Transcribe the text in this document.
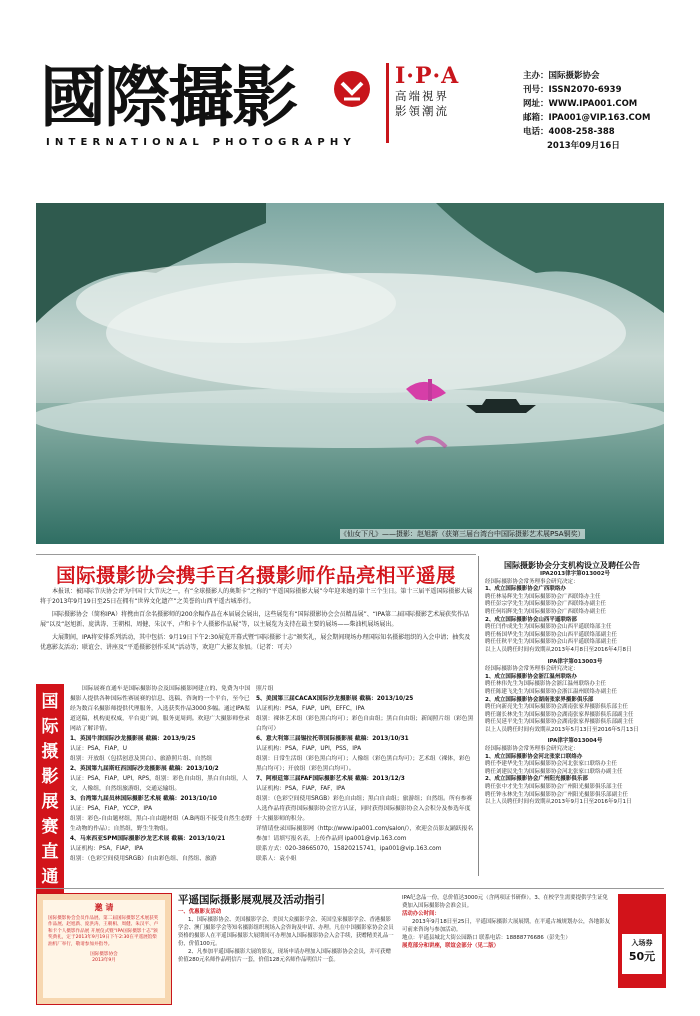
國際攝影
INTERNATIONAL PHOTOGRAPHY
I·P·A
高端視界
影領潮流
主办：国际摄影协会
刊号：ISSN2070-6939
网址：WWW.IPA001.COM
邮箱：IPA001@VIP.163.COM
电话：4008-258-388
2013年09月16日
《仙女下凡》——摄影：赵旭新（获第三届台湾台中国际摄影艺术展PSA铜奖）
国际摄影协会携手百名摄影师作品亮相平遥展

本报讯：被国际节庆协会评为中国十大节庆之一，有“全球摄影人的奥斯卡”之称的“平遥国际摄影大展”今年迎来她的第十三个生日。第十三届平遥国际摄影大展将于2013年9月19日至25日在拥有“世界文化遗产”之美誉的山西平遥古城举行。

国际摄影协会（简称IPA）将携由百余名摄影师的200余幅作品在本届展会展出，这些展览有“国际摄影协会会员精品展”、“IPA第二届国际摄影艺术展获奖作品展”以及“赵旭新、庞洪涛、王朝相、周健、朱汉平、卢和卡个人摄影作品展”等，以主展览为支持在最主要的展场——柴油机展场展出。

大展期间，IPA将安排系列活动，其中包括：9月19日下午2:30展览开幕式暨“国际摄影十志”颁奖礼，展会期间现场办理国际知名摄影组织的入会申请；抽奖及优惠影友活动；联谊会、讲座及“平遥摄影创作采风”活动等，欢迎广大影友参加。（记者：可夫）

国
际
摄
影
展
赛
直
通

国际展赛直通车是国际摄影协会及国际摄影网建立的、免费为中国摄影人提供各种国际性赛展赛的信息、选稿、咨询的一个平台，至今已经为数百名摄影师提供代理服务，入选获奖作品3000多幅。通过IPA渠道送稿，机构更权威，平台更广阔，服务更周到。欢迎广大摄影师登录网站了解详情。

1、英国牛津国际沙龙摄影展 截稿：2013/9/25

认证：PSA，FIAP，U

组别：开放组（包括创意及黑白）、旅游照片组、自然组

2、英国第九届斯旺西国际沙龙摄影展 截稿：2013/10/2

认证：PSA，FIAP，UPI，RPS，组别：彩色自由组，黑白自由组，人文，人像组，自然组旅游组，交通运输组。

3、台湾第九届员林国际摄影艺术展 截稿：2013/10/10

认证：PSA，FIAP，YCCP，IPA

组别：彩色-自由题材组，黑白-自由题材组（A.B两组不接受自然生态野生动物的作品）；自然组，野生生物组。

4、马来西亚SPM国际摄影沙龙艺术展 截稿：2013/10/21

认证机构：PSA，FIAP，IPA

组别：（色彩空间使用SRGB）自由彩色组、自然组、旅游

照片组

5、美国第三届CACAX国际沙龙摄影展 截稿：2013/10/25

认证机构：PSA，FIAP，UPI，EFFC，IPA

组别：裸体艺术组（彩色黑白均可）；彩色自由组；黑白自由组；新闻照片组（彩色黑白均可）

6、意大利第三届锡拉托蒂国际摄影展 截稿：2013/10/31

认证机构：PSA，FIAP，UPI，PSS，IPA

组别：日常生活组（彩色黑白均可）；人像组（彩色黑白均可）；艺术组（裸体，彩色黑白均可）；开放组（彩色黑白均可）。

7、阿根廷第三届FAF国际摄影艺术展 截稿：2013/12/3

认证机构：PSA，FIAP，FAF，IPA

组别：（色彩空间使用SRGB）彩色自由组；黑白自由组；旅游组；自然组。所有参赛人选作品将获得国际摄影协会官方认证，同时获得国际摄影协会入会积分及参选年度十大摄影师的积分。

详情请登录国际摄影网（http://www.ipa001.com/salon/），欢迎会员影友踊跃报名参加！请填写报名表，上传作品到 ipa001@vip.163.com

联系方式：020-38665070，15820215741，ipa001@vip.163.com

联系人：袁小姐

国际摄影协会分支机构设立及聘任公告
IPA2013律字第013002号
经国际摄影协会常务理事会研究决定：
1、成立国际摄影协会广西联络办
聘任林易辉先生为国际摄影协会广西联络办主任
聘任彭宗学先生为国际摄影协会广西联络办副主任
聘任何绍辉先生为国际摄影协会广西联络办副主任
2、成立国际摄影协会山西平遥联络部
聘任闫作成先生为国际摄影协会山西平遥联络部主任
聘任杨国华先生为国际摄影协会山西平遥联络部副主任
聘任任秋平先生为国际摄影协会山西平遥联络部副主任
以上人员聘任时间有效期从2013年4月8日至2016年4月8日
IPA律字第013003号
经国际摄影协会常务理事会研究决定：
1、成立国际摄影协会浙江温州联络办
聘任林伟先生为国际摄影协会浙江温州联络办主任
聘任陈建飞先生为国际摄影协会浙江温州联络办副主任
2、成立国际摄影协会湖南张家界摄影俱乐部
聘任向新亮先生为国际摄影协会湖南张家界摄影俱乐部主任
聘任谢长林先生为国际摄影协会湖南张家界摄影俱乐部副主任
聘任吴延平先生为国际摄影协会湖南张家界摄影俱乐部副主任
以上人员聘任时间有效期从2013年5月13日至2016年5月13日
IPA律字第013004号
经国际摄影协会常务理事会研究决定：
1、成立国际摄影协会河北张家口联络办
聘任李建华先生为国际摄影协会河北张家口联络办主任
聘任刘建民先生为国际摄影协会河北张家口联络办副主任
2、成立国际摄影协会广州阳光摄影俱乐部
聘任张中才先生为国际摄影协会广州阳光摄影俱乐部主任
聘任钟永林先生为国际摄影协会广州阳光摄影俱乐部副主任
以上人员聘任时间有效期从2013年9月1日至2016年9月1日
邀 请
国际摄影协会会员作品展、第二届国际摄影艺术展获奖作品展、赵旭新、庞洪涛、王朝相、周健、朱汉平、卢和卡个人摄影作品展 开展仪式暨“IPA国际摄影十志”颁奖典礼，定于2013年9月19日下午2:30在平遥展馆柴油机厂举行，敬请参加并指导。
国际摄影协会
2013年9月
平遥国际摄影展观展及活动指引

一、优惠影友活动

1、国际摄影协会、美国摄影学会、美国大众摄影学会、英国皇家摄影学会、香港摄影学会、澳门摄影学会等知名摄影组织现场入会咨询及申请、办理。凡在中国摄影家协会会员资格的摄影人在平遥国际摄影大展期间可办理加入国际摄影协会入会手续，获赠精美礼品一份，价值100元。

2、凡参加平遥国际摄影大展的影友，现场申请办理加入国际摄影协会会员，并可获赠价值280元名师作品明信片一套，价值128元名师作品明信片一套。

IPA纪念品一份，总价值达3000元（含两项证书研修）。3、在校学生需要提供学生证免费加入国际摄影协会准会员。

活动办公时间：

2013年9月18日至25日，平遥国际摄影大展展期，在平遥古城规划办公，各地影友可前来咨询与参加活动。

地点：平遥县城北大街公园路口 联系电话：18888776686（彭先生）

展览部分和讲座，联谊会部分（见二版）	入场券
50元
